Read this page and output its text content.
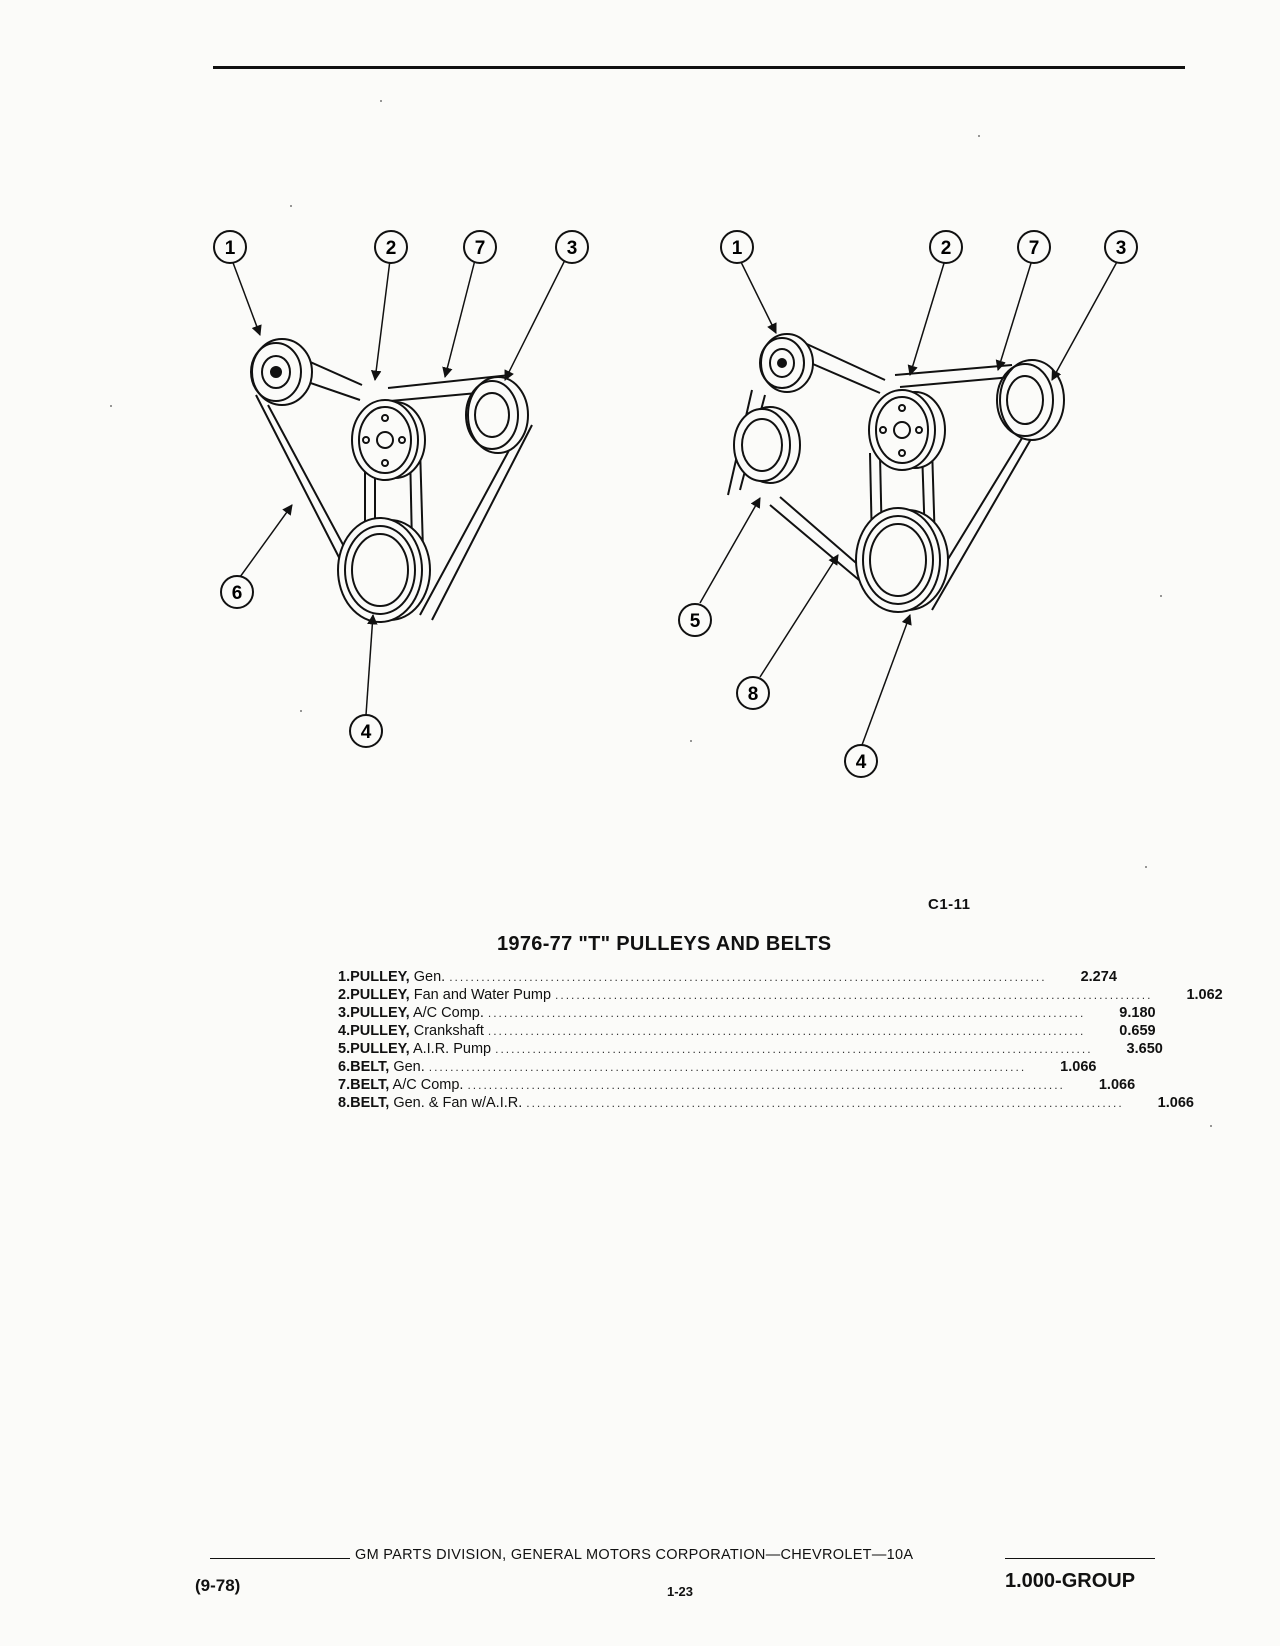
1	2	7	3
6
4
1	2	7	3
5
8
4
C1-11
1976-77 "T" PULLEYS AND BELTS
1. PULLEY, Gen. ................................................................................................................ 2.274
2. PULLEY, Fan and Water Pump ................................................................................................................ 1.062
3. PULLEY, A/C Comp. ................................................................................................................ 9.180
4. PULLEY, Crankshaft ................................................................................................................ 0.659
5. PULLEY, A.I.R. Pump ................................................................................................................ 3.650
6. BELT, Gen. ................................................................................................................ 1.066
7. BELT, A/C Comp. ................................................................................................................ 1.066
8. BELT, Gen. & Fan w/A.I.R. ................................................................................................................ 1.066
GM PARTS DIVISION, GENERAL MOTORS CORPORATION—CHEVROLET—10A
(9-78)	1-23	1.000-GROUP
